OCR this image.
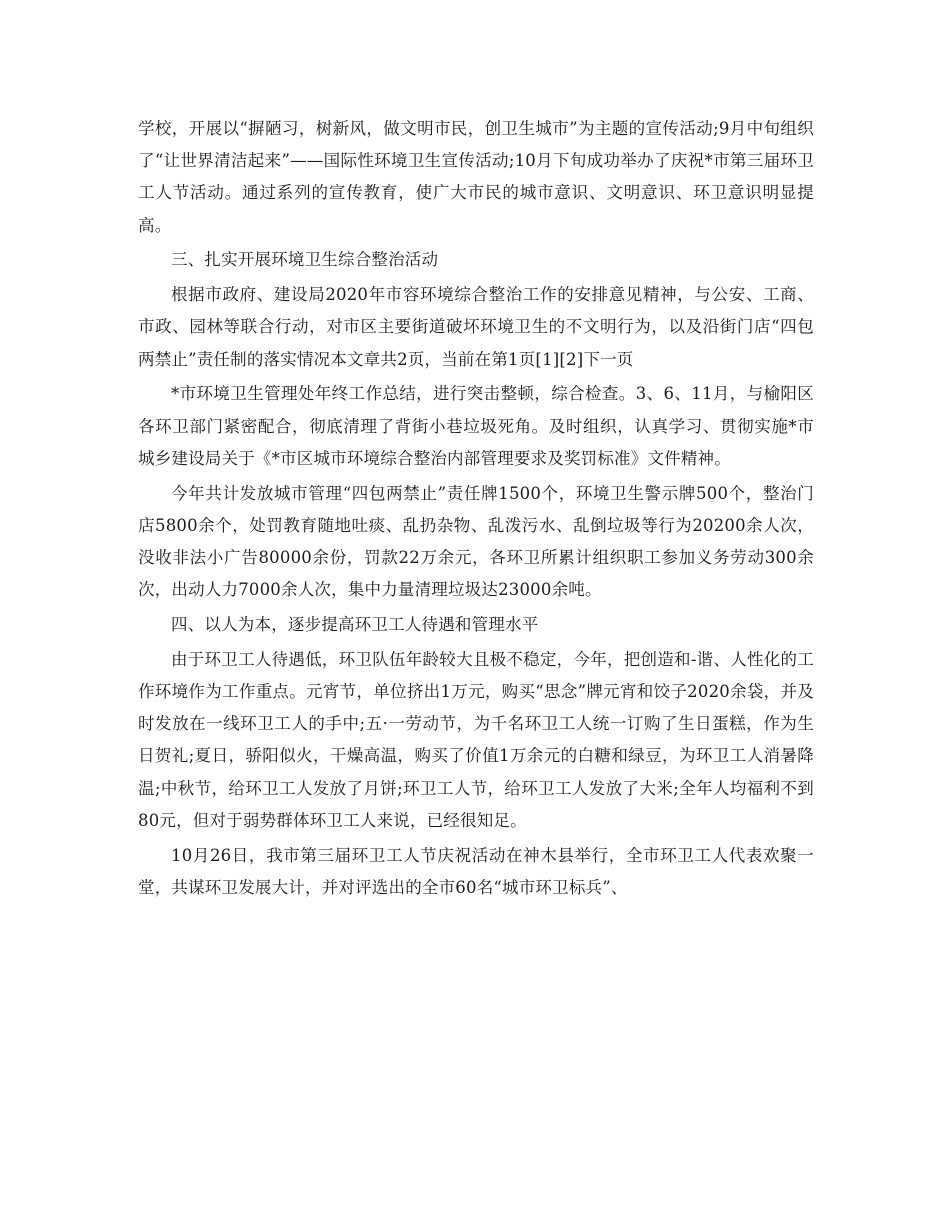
学校，开展以“摒陋习，树新风，做文明市民，创卫生城市”为主题的宣传活动;9月中旬组织了“让世界清洁起来”——国际性环境卫生宣传活动;10月下旬成功举办了庆祝*市第三届环卫工人节活动。通过系列的宣传教育，使广大市民的城市意识、文明意识、环卫意识明显提高。

三、扎实开展环境卫生综合整治活动

根据市政府、建设局2020年市容环境综合整治工作的安排意见精神，与公安、工商、市政、园林等联合行动，对市区主要街道破坏环境卫生的不文明行为，以及沿街门店“四包两禁止”责任制的落实情况本文章共2页，当前在第1页[1][2]下一页

*市环境卫生管理处年终工作总结，进行突击整顿，综合检查。3、6、11月，与榆阳区各环卫部门紧密配合，彻底清理了背街小巷垃圾死角。及时组织，认真学习、贯彻实施*市城乡建设局关于《*市区城市环境综合整治内部管理要求及奖罚标准》文件精神。

今年共计发放城市管理“四包两禁止”责任牌1500个，环境卫生警示牌500个，整治门店5800余个，处罚教育随地吐痰、乱扔杂物、乱泼污水、乱倒垃圾等行为20200余人次，没收非法小广告80000余份，罚款22万余元，各环卫所累计组织职工参加义务劳动300余次，出动人力7000余人次，集中力量清理垃圾达23000余吨。

四、以人为本，逐步提高环卫工人待遇和管理水平

由于环卫工人待遇低，环卫队伍年龄较大且极不稳定，今年，把创造和-谐、人性化的工作环境作为工作重点。元宵节，单位挤出1万元，购买“思念”牌元宵和饺子2020余袋，并及时发放在一线环卫工人的手中;五·一劳动节，为千名环卫工人统一订购了生日蛋糕，作为生日贺礼;夏日，骄阳似火，干燥高温，购买了价值1万余元的白糖和绿豆，为环卫工人消暑降温;中秋节，给环卫工人发放了月饼;环卫工人节，给环卫工人发放了大米;全年人均福利不到80元，但对于弱势群体环卫工人来说，已经很知足。

10月26日，我市第三届环卫工人节庆祝活动在神木县举行，全市环卫工人代表欢聚一堂，共谋环卫发展大计，并对评选出的全市60名“城市环卫标兵”、
